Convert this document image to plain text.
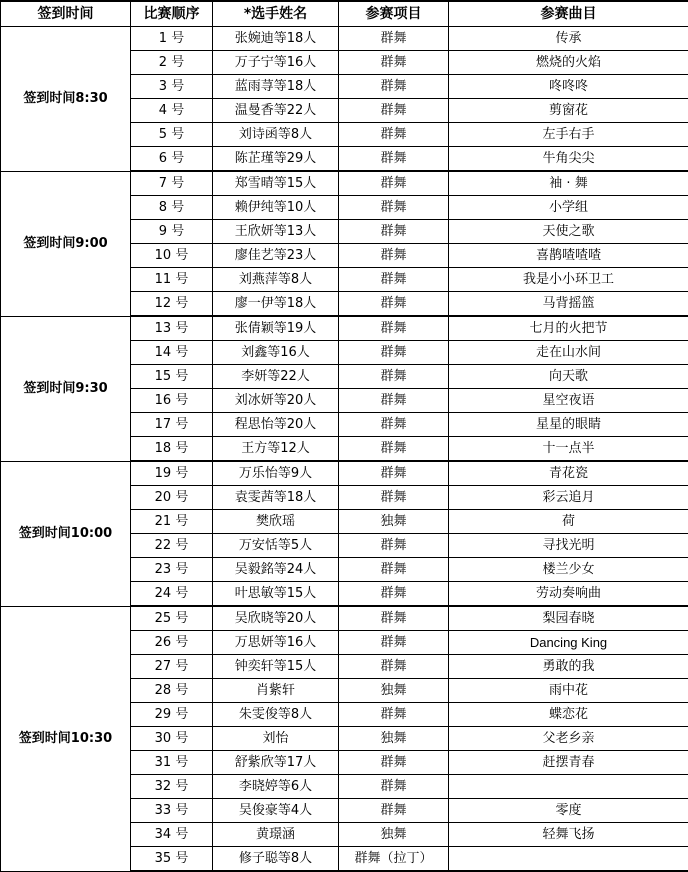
签到时间	比赛顺序	*选手姓名	参赛项目	参赛曲目
签到时间8:30	1 号	张婉迪等18人	群舞	传承
	2 号	万子宁等16人	群舞	燃烧的火焰
	3 号	蓝雨荨等18人	群舞	咚咚咚
	4 号	温曼香等22人	群舞	剪窗花
	5 号	刘诗函等8人	群舞	左手右手
	6 号	陈芷瑾等29人	群舞	牛角尖尖
签到时间9:00	7 号	郑雪晴等15人	群舞	袖 · 舞
	8 号	赖伊纯等10人	群舞	小学组
	9 号	王欣妍等13人	群舞	天使之歌
	10 号	廖佳艺等23人	群舞	喜鹊喳喳喳
	11 号	刘燕萍等8人	群舞	我是小小环卫工
	12 号	廖一伊等18人	群舞	马背摇篮
签到时间9:30	13 号	张倩颖等19人	群舞	七月的火把节
	14 号	刘鑫等16人	群舞	走在山水间
	15 号	李妍等22人	群舞	向天歌
	16 号	刘冰妍等20人	群舞	星空夜语
	17 号	程思怡等20人	群舞	星星的眼睛
	18 号	王方等12人	群舞	十一点半
签到时间10:00	19 号	万乐怡等9人	群舞	青花瓷
	20 号	袁雯茜等18人	群舞	彩云追月
	21 号	樊欣瑶	独舞	荷
	22 号	万安恬等5人	群舞	寻找光明
	23 号	吴毅銘等24人	群舞	楼兰少女
	24 号	叶思敏等15人	群舞	劳动奏响曲
签到时间10:30	25 号	吴欣晓等20人	群舞	梨园春晓
	26 号	万思妍等16人	群舞	Dancing King
	27 号	钟奕轩等15人	群舞	勇敢的我
	28 号	肖紫轩	独舞	雨中花
	29 号	朱雯俊等8人	群舞	蝶恋花
	30 号	刘怡	独舞	父老乡亲
	31 号	舒紫欣等17人	群舞	赶摆青春
	32 号	李晓婷等6人	群舞	
	33 号	吴俊豪等4人	群舞	零度
	34 号	黄璟涵	独舞	轻舞飞扬
	35 号	修子聪等8人	群舞（拉丁）	
